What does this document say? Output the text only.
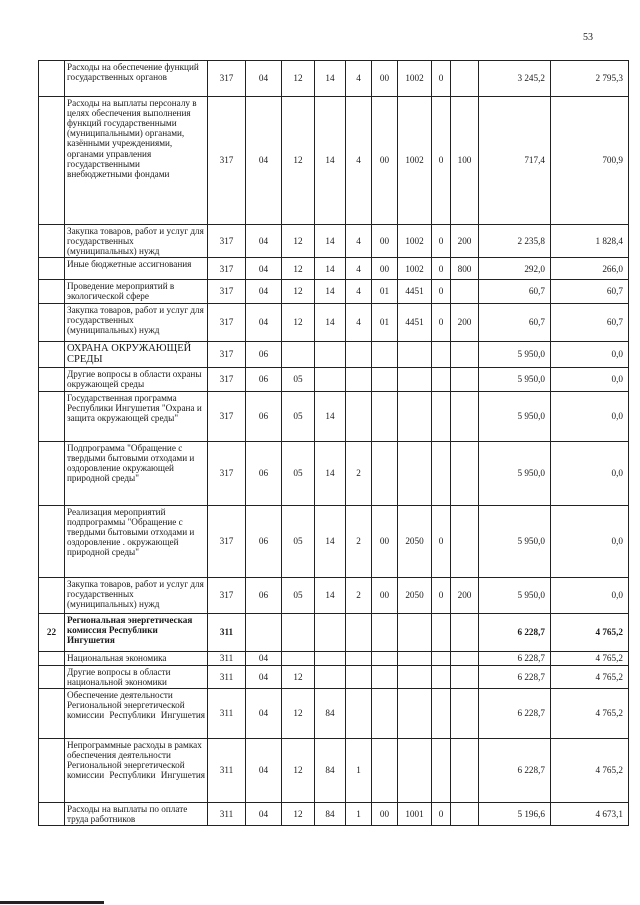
53
	Расходы на обеспечение функций государственных органов	317	04	12	14	4	00	1002	0		3 245,2	2 795,3
	Расходы на выплаты персоналу в целях обеспечения выполнения функций государственными (муниципальными) органами, казёнными учреждениями, органами управления государственными внебюджетными фондами	317	04	12	14	4	00	1002	0	100	717,4	700,9
	Закупка товаров, работ и услуг для государственных (муниципальных) нужд	317	04	12	14	4	00	1002	0	200	2 235,8	1 828,4
	Иные бюджетные ассигнования	317	04	12	14	4	00	1002	0	800	292,0	266,0
	Проведение мероприятий в экологической сфере	317	04	12	14	4	01	4451	0		60,7	60,7
	Закупка товаров, работ и услуг для государственных (муниципальных) нужд	317	04	12	14	4	01	4451	0	200	60,7	60,7
	ОХРАНА ОКРУЖАЮЩЕЙ СРЕДЫ	317	06								5 950,0	0,0
	Другие вопросы в области охраны окружающей среды	317	06	05							5 950,0	0,0
	Государственная программа Республики Ингушетия "Охрана и защита окружающей среды"	317	06	05	14						5 950,0	0,0
	Подпрограмма "Обращение с твердыми бытовыми отходами и оздоровление окружающей природной среды"	317	06	05	14	2					5 950,0	0,0
	Реализация мероприятий подпрограммы "Обращение с твердыми бытовыми отходами и оздоровление . окружающей природной среды"	317	06	05	14	2	00	2050	0		5 950,0	0,0
	Закупка товаров, работ и услуг для государственных (муниципальных) нужд	317	06	05	14	2	00	2050	0	200	5 950,0	0,0
22	Региональная энергетическая комиссия Республики Ингушетия	311									6 228,7	4 765,2
	Национальная экономика	311	04								6 228,7	4 765,2
	Другие вопросы в области национальной экономики	311	04	12							6 228,7	4 765,2
	Обеспечение деятельности Региональной энергетической комиссии Республики Ингушетия	311	04	12	84						6 228,7	4 765,2
	Непрограммные расходы в рамках обеспечения деятельности Региональной энергетической комиссии Республики Ингушетия	311	04	12	84	1					6 228,7	4 765,2
	Расходы на выплаты по оплате труда работников	311	04	12	84	1	00	1001	0		5 196,6	4 673,1
